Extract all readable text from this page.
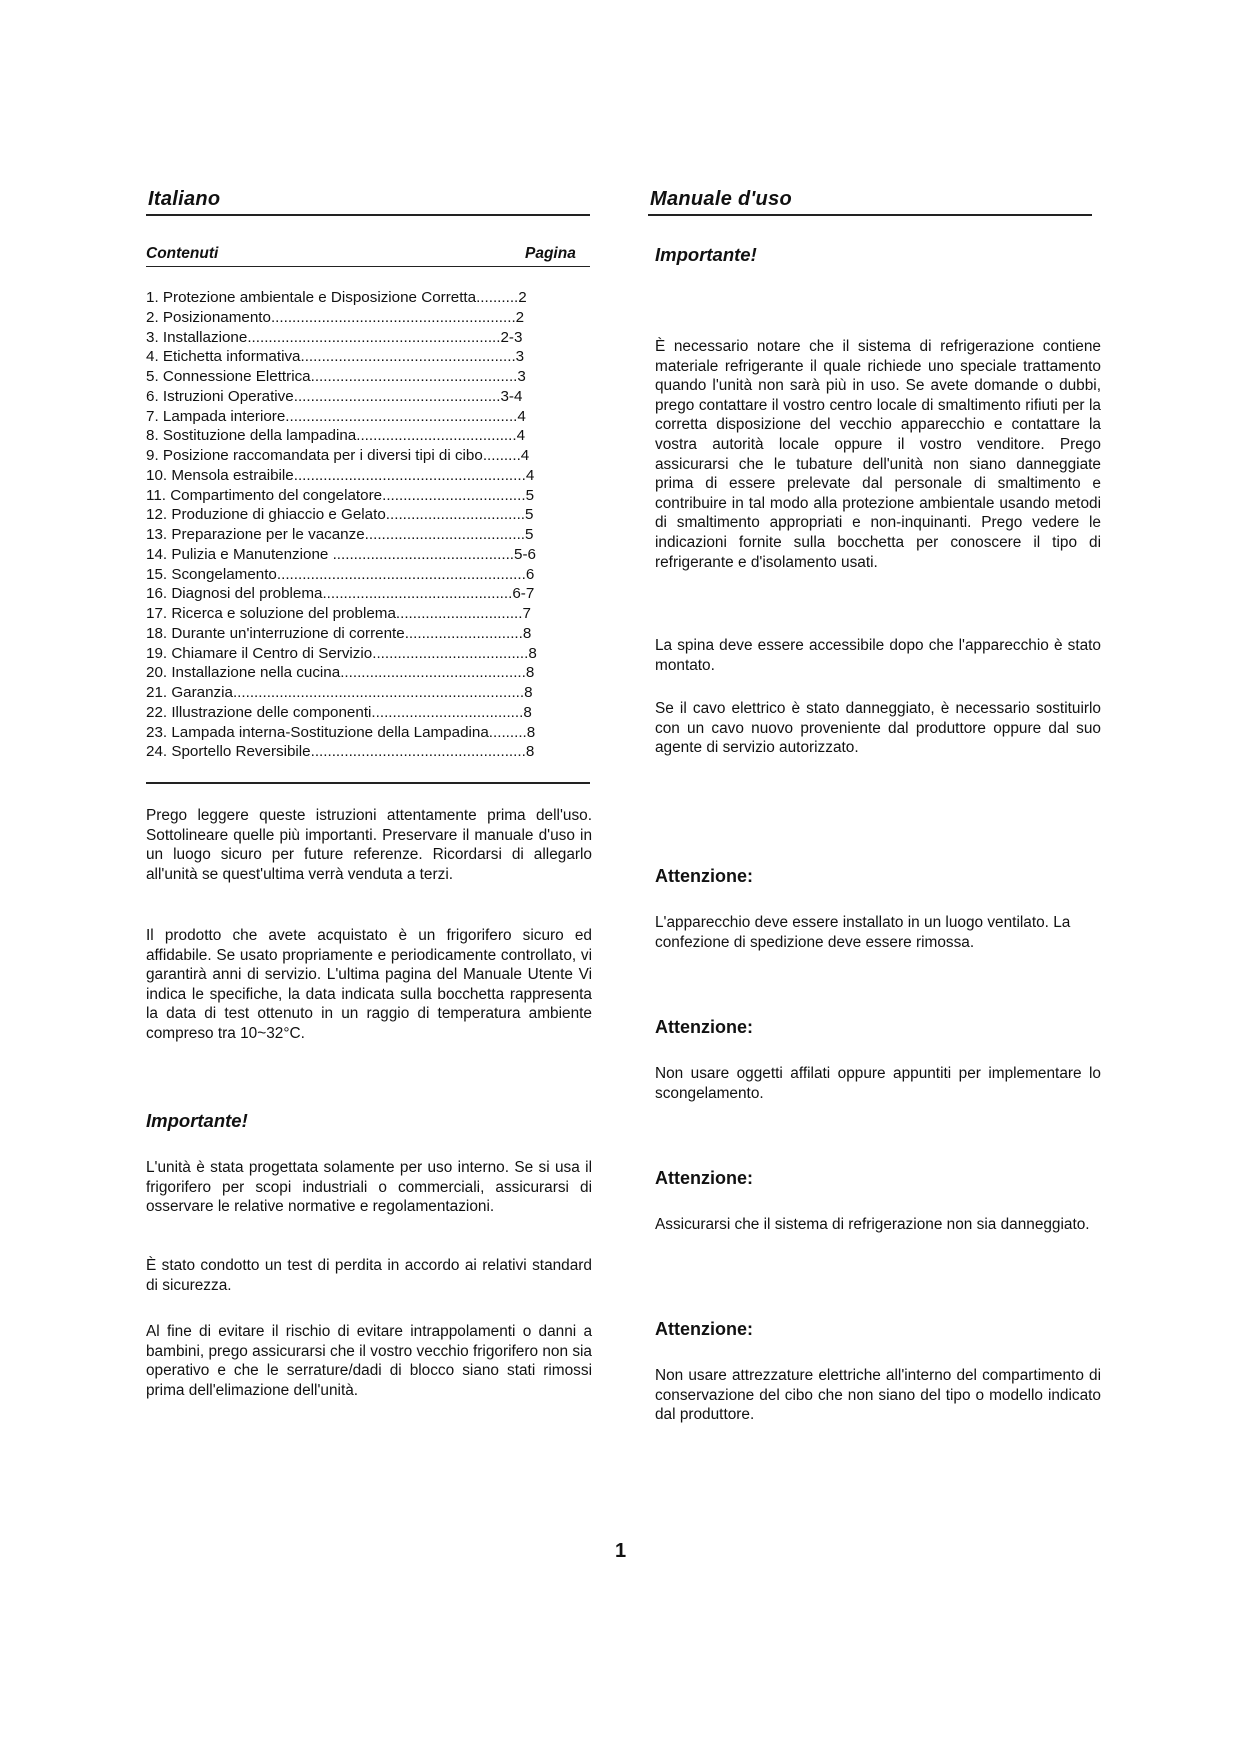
Italiano	Manuale d'uso
Contenuti	Pagina
1. Protezione ambientale e Disposizione Corretta..........2
2. Posizionamento..........................................................2
3. Installazione............................................................2-3
4. Etichetta informativa...................................................3
5. Connessione Elettrica.................................................3
6. Istruzioni Operative.................................................3-4
7. Lampada interiore.......................................................4
8. Sostituzione della lampadina......................................4
9. Posizione raccomandata per i diversi tipi di cibo.........4
10. Mensola estraibile.......................................................4
11. Compartimento del congelatore..................................5
12. Produzione di ghiaccio e Gelato.................................5
13. Preparazione per le vacanze......................................5
14. Pulizia e Manutenzione ...........................................5-6
15. Scongelamento...........................................................6
16. Diagnosi del problema.............................................6-7
17. Ricerca e soluzione del problema..............................7
18. Durante un'interruzione di corrente............................8
19. Chiamare il Centro di Servizio.....................................8
20. Installazione nella cucina............................................8
21. Garanzia.....................................................................8
22. Illustrazione delle componenti....................................8
23. Lampada interna-Sostituzione della Lampadina.........8
24. Sportello Reversibile...................................................8
Prego leggere queste istruzioni attentamente prima dell'uso. Sottolineare quelle più importanti. Preservare il manuale d'uso in un luogo sicuro per future referenze. Ricordarsi di allegarlo all'unità se quest'ultima verrà venduta a terzi.
Il prodotto che avete acquistato è un frigorifero sicuro ed affidabile. Se usato propriamente e periodicamente controllato, vi garantirà anni di servizio. L'ultima pagina del Manuale Utente Vi indica le specifiche, la data indicata sulla bocchetta rappresenta la data di test ottenuto in un raggio di temperatura ambiente compreso tra 10~32°C.
Importante!
L'unità è stata progettata solamente per uso interno. Se si usa il frigorifero per scopi industriali o commerciali, assicurarsi di osservare le relative normative e regolamentazioni.
È stato condotto un test di perdita in accordo ai relativi standard di sicurezza.
Al fine di evitare il rischio di evitare intrappolamenti o danni a bambini, prego assicurarsi che il vostro vecchio frigorifero non sia operativo e che le serrature/dadi di blocco siano stati rimossi prima dell'elimazione dell'unità.
Importante!
È necessario notare che il sistema di refrigerazione contiene materiale refrigerante il quale richiede uno speciale trattamento quando l'unità non sarà più in uso. Se avete domande o dubbi, prego contattare il vostro centro locale di smaltimento rifiuti per la corretta disposizione del vecchio apparecchio e contattare la vostra autorità locale oppure il vostro venditore. Prego assicurarsi che le tubature dell'unità non siano danneggiate prima di essere prelevate dal personale di smaltimento e contribuire in tal modo alla protezione ambientale usando metodi di smaltimento appropriati e non-inquinanti. Prego vedere le indicazioni fornite sulla bocchetta per conoscere il tipo di refrigerante e d'isolamento usati.
La spina deve essere accessibile dopo che l'apparecchio è stato montato.
Se il cavo elettrico è stato danneggiato, è necessario sostituirlo con un cavo nuovo proveniente dal produttore oppure dal suo agente di servizio autorizzato.
Attenzione:
L'apparecchio deve essere installato in un luogo ventilato. La confezione di spedizione deve essere rimossa.
Attenzione:
Non usare oggetti affilati oppure appuntiti per implementare lo scongelamento.
Attenzione:
Assicurarsi che il sistema di refrigerazione non sia danneggiato.
Attenzione:
Non usare attrezzature elettriche all'interno del compartimento di conservazione del cibo che non siano del tipo o modello indicato dal produttore.
1
